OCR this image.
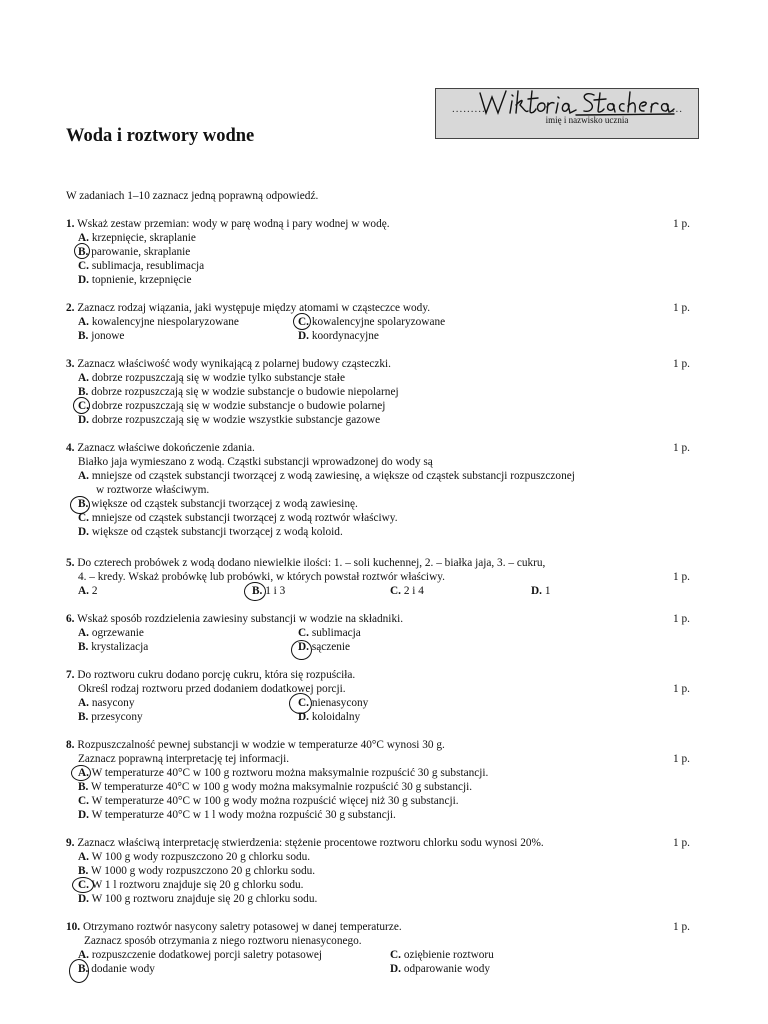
.........	....
imię i nazwisko ucznia
Woda i roztwory wodne

W zadaniach 1–10 zaznacz jedną poprawną odpowiedź.

1. Wskaż zestaw przemian: wody w parę wodną i pary wodnej w wodę.	1 p.
A. krzepnięcie, skraplanie
B. parowanie, skraplanie
C. sublimacja, resublimacja
D. topnienie, krzepnięcie
2. Zaznacz rodzaj wiązania, jaki występuje między atomami w cząsteczce wody.	1 p.
A. kowalencyjne niespolaryzowane	C. kowalencyjne spolaryzowane
B. jonowe	D. koordynacyjne
3. Zaznacz właściwość wody wynikającą z polarnej budowy cząsteczki.	1 p.
A. dobrze rozpuszczają się w wodzie tylko substancje stałe
B. dobrze rozpuszczają się w wodzie substancje o budowie niepolarnej
C. dobrze rozpuszczają się w wodzie substancje o budowie polarnej
D. dobrze rozpuszczają się w wodzie wszystkie substancje gazowe
4. Zaznacz właściwe dokończenie zdania.	1 p.
Białko jaja wymieszano z wodą. Cząstki substancji wprowadzonej do wody są
A. mniejsze od cząstek substancji tworzącej z wodą zawiesinę, a większe od cząstek substancji rozpuszczonej
w roztworze właściwym.
B. większe od cząstek substancji tworzącej z wodą zawiesinę.
C. mniejsze od cząstek substancji tworzącej z wodą roztwór właściwy.
D. większe od cząstek substancji tworzącej z wodą koloid.
5. Do czterech probówek z wodą dodano niewielkie ilości: 1. – soli kuchennej, 2. – białka jaja, 3. – cukru,
4. – kredy. Wskaż probówkę lub probówki, w których powstał roztwór właściwy.	1 p.
A. 2	B. 1 i 3	C. 2 i 4	D. 1
6. Wskaż sposób rozdzielenia zawiesiny substancji w wodzie na składniki.	1 p.
A. ogrzewanie	C. sublimacja
B. krystalizacja	D. sączenie
7. Do roztworu cukru dodano porcję cukru, która się rozpuściła.
Określ rodzaj roztworu przed dodaniem dodatkowej porcji.	1 p.
A. nasycony	C. nienasycony
B. przesycony	D. koloidalny
8. Rozpuszczalność pewnej substancji w wodzie w temperaturze 40°C wynosi 30 g.
Zaznacz poprawną interpretację tej informacji.	1 p.
A. W temperaturze 40°C w 100 g roztworu można maksymalnie rozpuścić 30 g substancji.
B. W temperaturze 40°C w 100 g wody można maksymalnie rozpuścić 30 g substancji.
C. W temperaturze 40°C w 100 g wody można rozpuścić więcej niż 30 g substancji.
D. W temperaturze 40°C w 1 l wody można rozpuścić 30 g substancji.
9. Zaznacz właściwą interpretację stwierdzenia: stężenie procentowe roztworu chlorku sodu wynosi 20%.	1 p.
A. W 100 g wody rozpuszczono 20 g chlorku sodu.
B. W 1000 g wody rozpuszczono 20 g chlorku sodu.
C. W 1 l roztworu znajduje się 20 g chlorku sodu.
D. W 100 g roztworu znajduje się 20 g chlorku sodu.
10. Otrzymano roztwór nasycony saletry potasowej w danej temperaturze.	1 p.
Zaznacz sposób otrzymania z niego roztworu nienasyconego.
A. rozpuszczenie dodatkowej porcji saletry potasowej	C. oziębienie roztworu
B. dodanie wody	D. odparowanie wody
